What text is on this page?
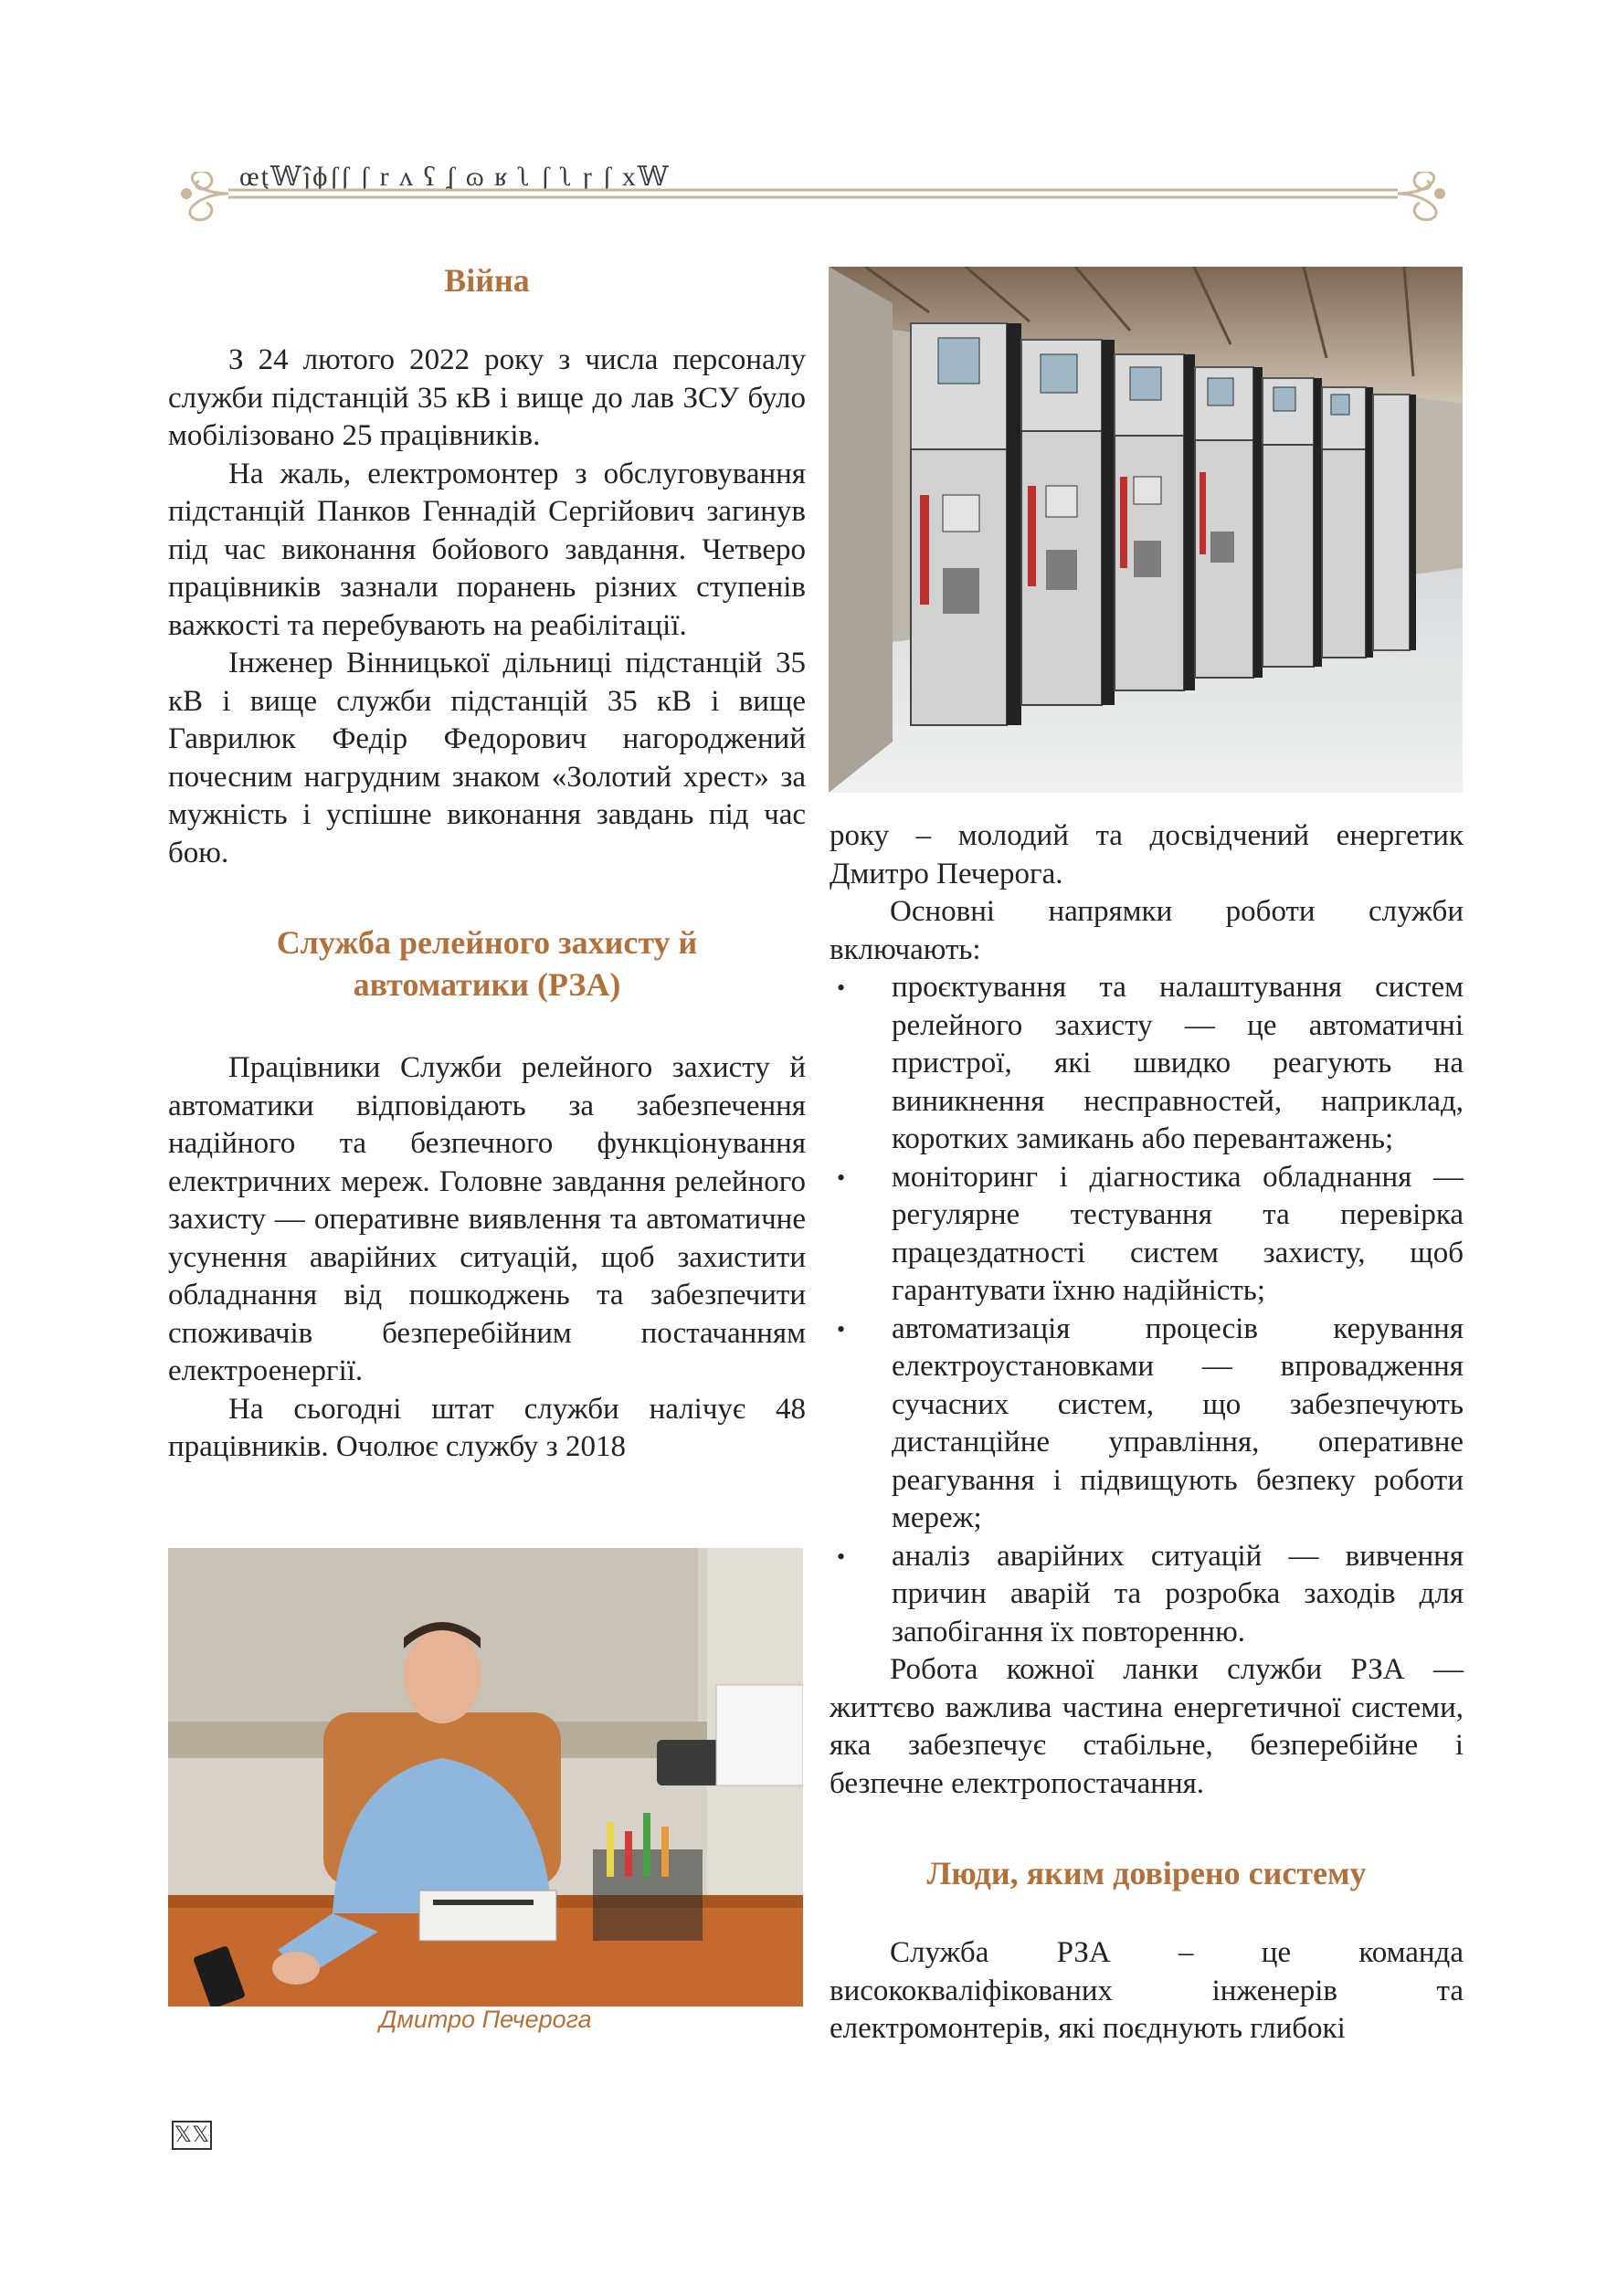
œţ𝕎ĵɸʃʃ ʃ r ʌ ʕ ʆ ɷ ʁ ʅ ʃ ʅ ɼ ʃ x𝕎
Війна

З 24 лютого 2022 року з числа персоналу служби підстанцій 35 кВ і вище до лав ЗСУ було мобілізовано 25 працівників.

На жаль, електромонтер з обслуговування підстанцій Панков Геннадій Сергійович загинув під час виконання бойового завдання. Четверо працівників зазнали поранень різних ступенів важкості та перебувають на реабілітації.

Інженер Вінницької дільниці підстанцій 35 кВ і вище служби підстанцій 35 кВ і вище Гаврилюк Федір Федорович нагороджений почесним нагрудним знаком «Золотий хрест» за мужність і успішне виконання завдань під час бою.

Служба релейного захисту й
автоматики (РЗА)

Працівники Служби релейного захисту й автоматики відповідають за забезпечення надійного та безпечного функціонування електричних мереж. Головне завдання релейного захисту — оперативне виявлення та автоматичне усунення аварійних ситуацій, щоб захистити обладнання від пошкоджень та забезпечити споживачів безперебійним постачанням електроенергії.

На сьогодні штат служби налічує 48 працівників. Очолює службу з 2018

Дмитро Печерога

року – молодий та досвідчений енергетик Дмитро Печерога.

Основні напрямки роботи служби включають:

• проєктування та налаштування систем релейного захисту — це автоматичні пристрої, які швидко реагують на виникнення несправностей, наприклад, коротких замикань або перевантажень;
• моніторинг і діагностика обладнання — регулярне тестування та перевірка працездатності систем захисту, щоб гарантувати їхню надійність;
• автоматизація процесів керування електроустановками — впровадження сучасних систем, що забезпечують дистанційне управління, оперативне реагування і підвищують безпеку роботи мереж;
• аналіз аварійних ситуацій — вивчення причин аварій та розробка заходів для запобігання їх повторенню.

Робота кожної ланки служби РЗА — життєво важлива частина енергетичної системи, яка забезпечує стабільне, безперебійне і безпечне електропостачання.

Люди, яким довірено систему

Служба РЗА – це команда висококваліфікованих інженерів та електромонтерів, які поєднують глибокі

𝕏𝕏
